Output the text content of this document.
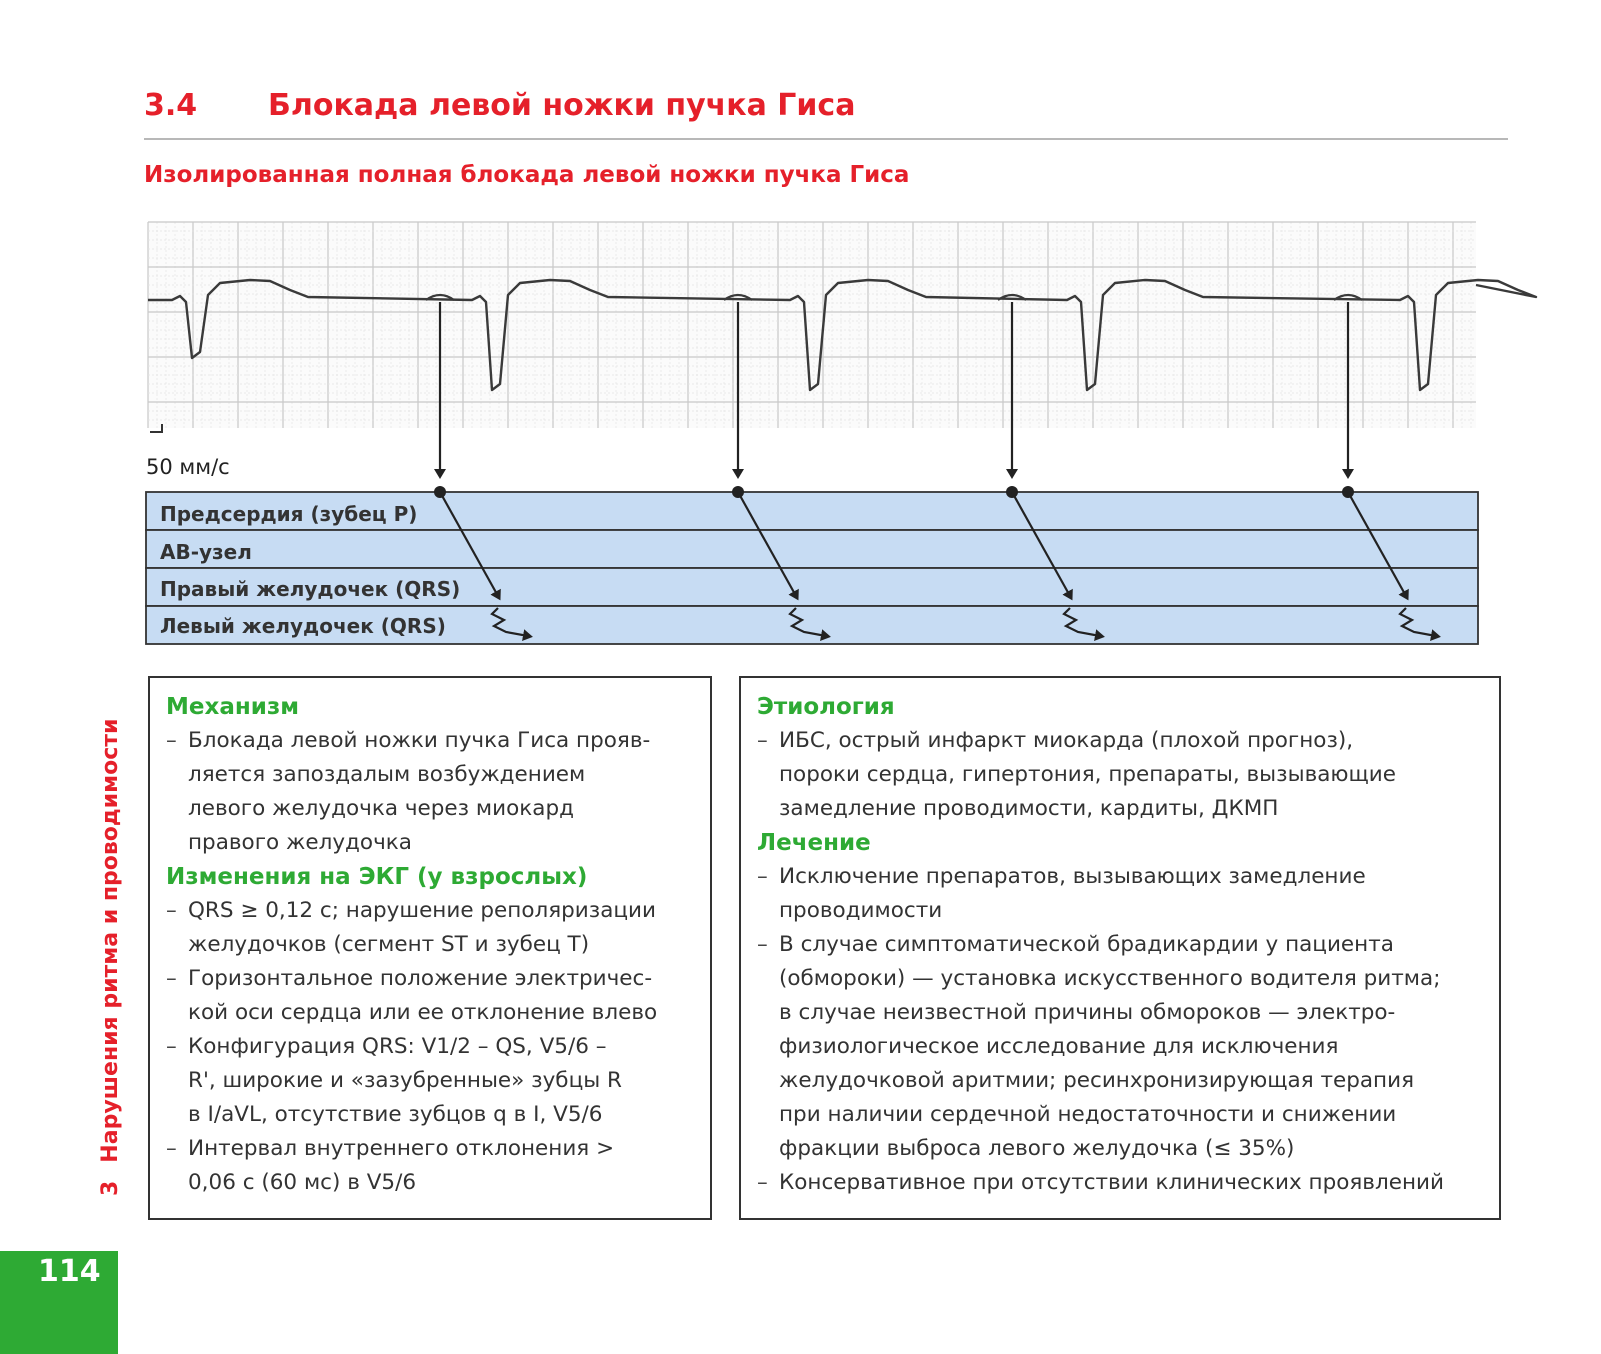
3.4 Блокада левой ножки пучка Гиса
Изолированная полная блокада левой ножки пучка Гиса
50 мм/с
Предсердия (зубец P)
АВ-узел
Правый желудочек (QRS)
Левый желудочек (QRS)
Механизм
– Блокада левой ножки пучка Гиса прояв-
ляется запоздалым возбуждением
левого желудочка через миокард
правого желудочка
Изменения на ЭКГ (у взрослых)
– QRS ≥ 0,12 с; нарушение реполяризации
желудочков (сегмент ST и зубец T)
– Горизонтальное положение электричес-
кой оси сердца или ее отклонение влево
– Конфигурация QRS: V1/2 – QS, V5/6 –
R', широкие и «зазубренные» зубцы R
в I/aVL, отсутствие зубцов q в I, V5/6
– Интервал внутреннего отклонения >
0,06 с (60 мс) в V5/6
Этиология
– ИБС, острый инфаркт миокарда (плохой прогноз),
пороки сердца, гипертония, препараты, вызывающие
замедление проводимости, кардиты, ДКМП
Лечение
– Исключение препаратов, вызывающих замедление
проводимости
– В случае симптоматической брадикардии у пациента
(обмороки) — установка искусственного водителя ритма;
в случае неизвестной причины обмороков — электро-
физиологическое исследование для исключения
желудочковой аритмии; ресинхронизирующая терапия
при наличии сердечной недостаточности и снижении
фракции выброса левого желудочка (≤ 35%)
– Консервативное при отсутствии клинических проявлений
3Нарушения ритма и проводимости
114
